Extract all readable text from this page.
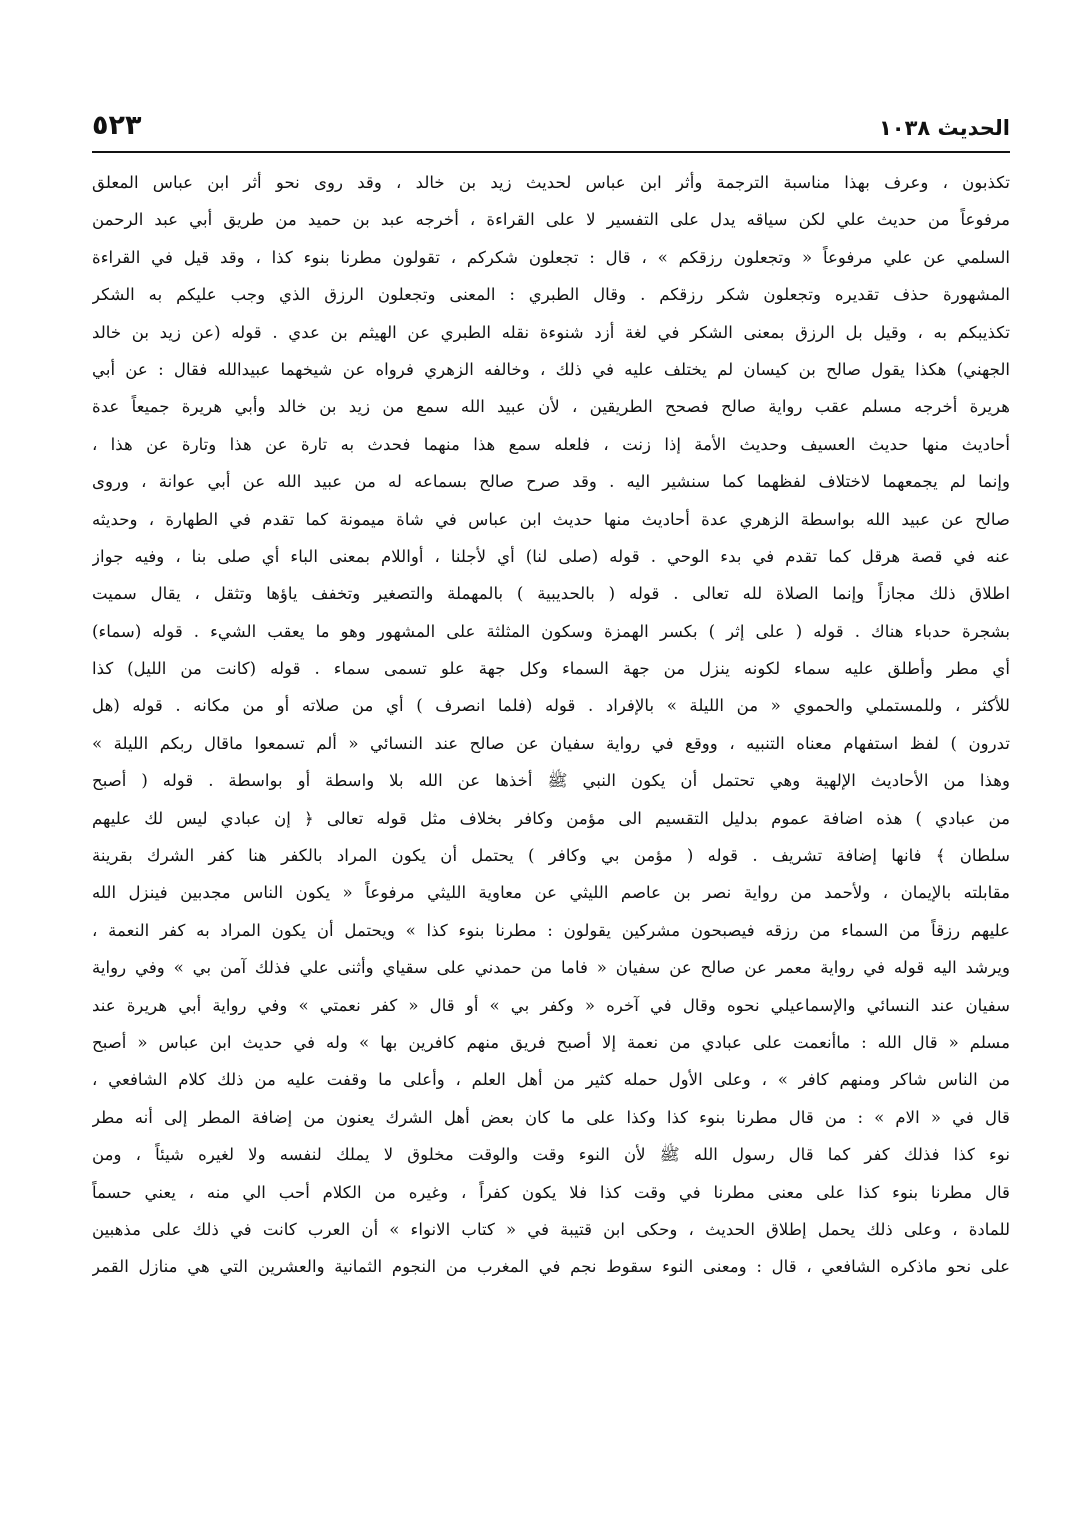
الحديث ١٠٣٨
٥٢٣
تكذبون ، وعرف بهذا مناسبة الترجمة وأثر ابن عباس لحديث زيد بن خالد ، وقد روى نحو أثر ابن عباس المعلق
مرفوعاً من حديث علي لكن سياقه يدل على التفسير لا على القراءة ، أخرجه عبد بن حميد من طريق أبي عبد الرحمن
السلمي عن علي مرفوعاً « وتجعلون رزقكم » ، قال : تجعلون شكركم ، تقولون مطرنا بنوء كذا ، وقد قيل في القراءة
المشهورة حذف تقديره وتجعلون شكر رزقكم . وقال الطبري : المعنى وتجعلون الرزق الذي وجب عليكم به الشكر
تكذيبكم به ، وقيل بل الرزق بمعنى الشكر في لغة أزد شنوءة نقله الطبري عن الهيثم بن عدي . قوله (عن زيد بن خالد
الجهني) هكذا يقول صالح بن كيسان لم يختلف عليه في ذلك ، وخالفه الزهري فرواه عن شيخهما عبيدالله فقال : عن أبي
هريرة أخرجه مسلم عقب رواية صالح فصحح الطريقين ، لأن عبيد الله سمع من زيد بن خالد وأبي هريرة جميعاً عدة
أحاديث منها حديث العسيف وحديث الأمة إذا زنت ، فلعله سمع هذا منهما فحدث به تارة عن هذا وتارة عن هذا ،
وإنما لم يجمعهما لاختلاف لفظهما كما سنشير اليه . وقد صرح صالح بسماعه له من عبيد الله عن أبي عوانة ، وروى
صالح عن عبيد الله بواسطة الزهري عدة أحاديث منها حديث ابن عباس في شاة ميمونة كما تقدم في الطهارة ، وحديثه
عنه في قصة هرقل كما تقدم في بدء الوحي . قوله (صلى لنا) أي لأجلنا ، أواللام بمعنى الباء أي صلى بنا ، وفيه جواز
اطلاق ذلك مجازاً وإنما الصلاة لله تعالى . قوله ( بالحديبية ) بالمهملة والتصغير وتخفف ياؤها وتثقل ، يقال سميت
بشجرة حدباء هناك . قوله ( على إثر ) بكسر الهمزة وسكون المثلثة على المشهور وهو ما يعقب الشيء . قوله (سماء)
أي مطر وأطلق عليه سماء لكونه ينزل من جهة السماء وكل جهة علو تسمى سماء . قوله (كانت من الليل) كذا
للأكثر ، وللمستملي والحموي « من الليلة » بالإفراد . قوله (فلما انصرف ) أي من صلاته أو من مكانه . قوله (هل
تدرون ) لفظ استفهام معناه التنبيه ، ووقع في رواية سفيان عن صالح عند النسائي « ألم تسمعوا ماقال ربكم الليلة »
وهذا من الأحاديث الإلهية وهي تحتمل أن يكون النبي ﷺ أخذها عن الله بلا واسطة أو بواسطة . قوله ( أصبح
من عبادي ) هذه اضافة عموم بدليل التقسيم الى مؤمن وكافر بخلاف مثل قوله تعالى ﴿ إن عبادي ليس لك عليهم
سلطان ﴾ فانها إضافة تشريف . قوله ( مؤمن بي وكافر ) يحتمل أن يكون المراد بالكفر هنا كفر الشرك بقرينة
مقابلته بالإيمان ، ولأحمد من رواية نصر بن عاصم الليثي عن معاوية الليثي مرفوعاً « يكون الناس مجدبين فينزل الله
عليهم رزقاً من السماء من رزقه فيصبحون مشركين يقولون : مطرنا بنوء كذا » ويحتمل أن يكون المراد به كفر النعمة ،
ويرشد اليه قوله في رواية معمر عن صالح عن سفيان « فاما من حمدني على سقياي وأثنى علي فذلك آمن بي » وفي رواية
سفيان عند النسائي والإسماعيلي نحوه وقال في آخره « وكفر بي » أو قال « كفر نعمتي » وفي رواية أبي هريرة عند
مسلم « قال الله : ماأنعمت على عبادي من نعمة إلا أصبح فريق منهم كافرين بها » وله في حديث ابن عباس « أصبح
من الناس شاكر ومنهم كافر » ، وعلى الأول حمله كثير من أهل العلم ، وأعلى ما وقفت عليه من ذلك كلام الشافعي ،
قال في « الام » : من قال مطرنا بنوء كذا وكذا على ما كان بعض أهل الشرك يعنون من إضافة المطر إلى أنه مطر
نوء كذا فذلك كفر كما قال رسول الله ﷺ لأن النوء وقت والوقت مخلوق لا يملك لنفسه ولا لغيره شيئاً ، ومن
قال مطرنا بنوء كذا على معنى مطرنا في وقت كذا فلا يكون كفراً ، وغيره من الكلام أحب الي منه ، يعني حسماً
للمادة ، وعلى ذلك يحمل إطلاق الحديث ، وحكى ابن قتيبة في « كتاب الانواء » أن العرب كانت في ذلك على مذهبين
على نحو ماذكره الشافعي ، قال : ومعنى النوء سقوط نجم في المغرب من النجوم الثمانية والعشرين التي هي منازل القمر
